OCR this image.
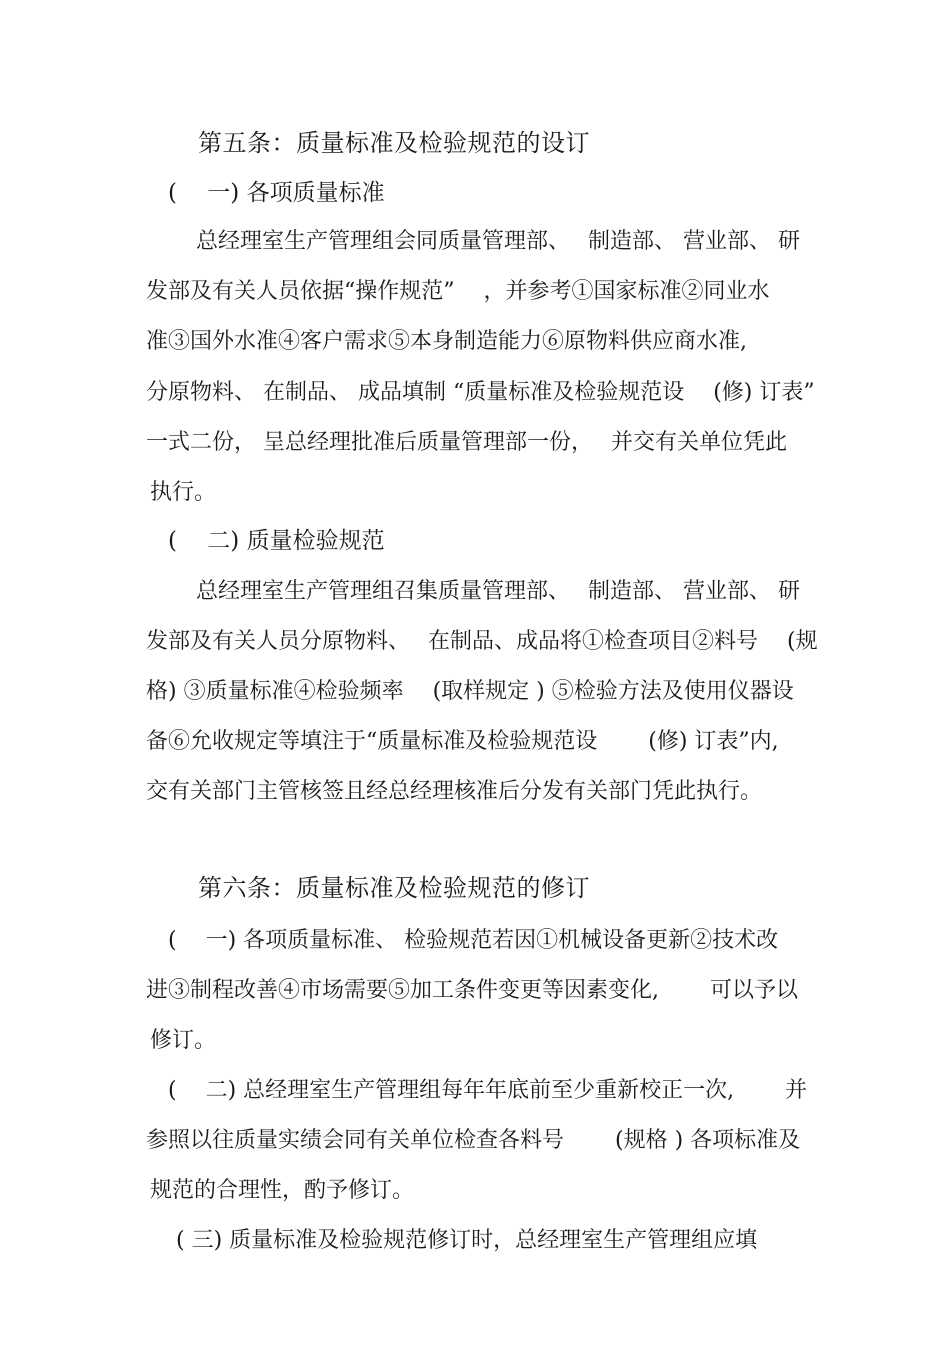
第五条：质量标准及检验规范的设订
(　 一) 各项质量标准
总经理室生产管理组会同质量管理部、　 制造部、 营业部、 研
发部及有关人员依据“操作规范”　 ，并参考①国家标准②同业水
准③国外水准④客户需求⑤本身制造能力⑥原物料供应商水准,
分原物料、 在制品、 成品填制 “质量标准及检验规范设　 (修) 订表”
一式二份， 呈总经理批准后质量管理部一份，　 并交有关单位凭此
执行。
(　 二) 质量检验规范
总经理室生产管理组召集质量管理部、　 制造部、 营业部、 研
发部及有关人员分原物料、　 在制品、成品将①检查项目②料号　 (规
格) ③质量标准④检验频率　 (取样规定 ) ⑤检验方法及使用仪器设
备⑥允收规定等填注于“质量标准及检验规范设　　 (修) 订表”内,
交有关部门主管核签且经总经理核准后分发有关部门凭此执行。
第六条：质量标准及检验规范的修订
(　 一) 各项质量标准、 检验规范若因①机械设备更新②技术改
进③制程改善④市场需要⑤加工条件变更等因素变化,　　 可以予以
修订。
(　 二) 总经理室生产管理组每年年底前至少重新校正一次,　　 并
参照以往质量实绩会同有关单位检查各料号　　 (规格 ) 各项标准及
规范的合理性，酌予修订。
( 三) 质量标准及检验规范修订时，总经理室生产管理组应填
